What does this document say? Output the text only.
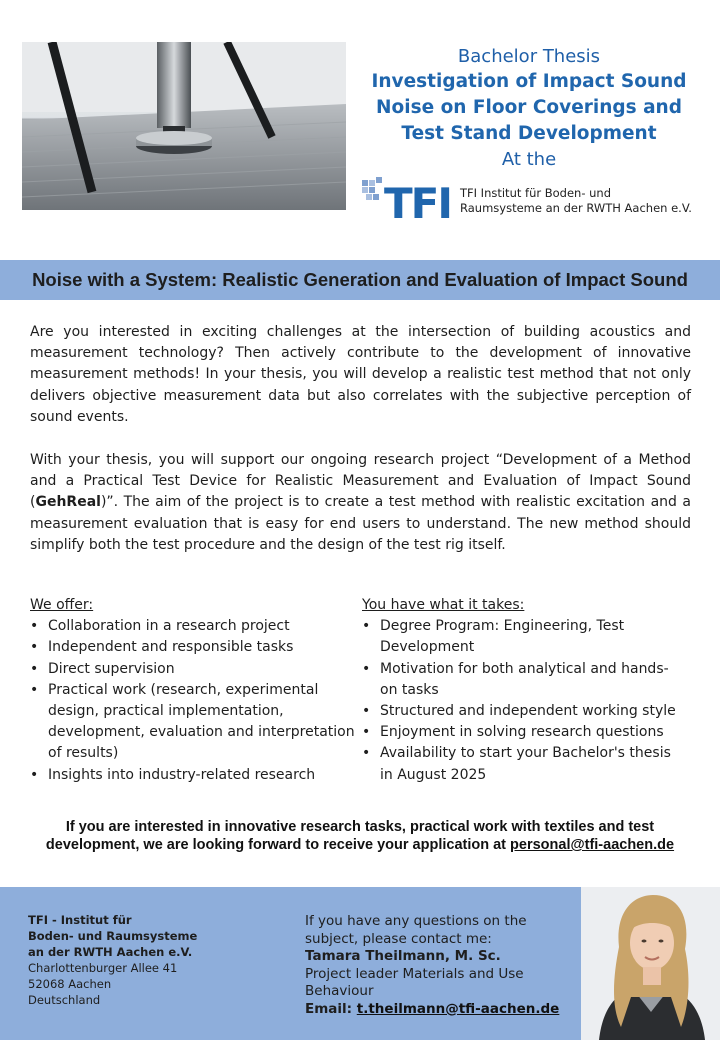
Bachelor Thesis
Investigation of Impact Sound
Noise on Floor Coverings and
Test Stand Development
At the
TFI TFI Institut für Boden- und
Raumsysteme an der RWTH Aachen e.V.
Noise with a System: Realistic Generation and Evaluation of Impact Sound

Are you interested in exciting challenges at the intersection of building acoustics and measurement technology? Then actively contribute to the development of innovative measurement methods! In your thesis, you will develop a realistic test method that not only delivers objective measurement data but also correlates with the subjective perception of sound events.

With your thesis, you will support our ongoing research project “Development of a Method and a Practical Test Device for Realistic Measurement and Evaluation of Impact Sound (GehReal)”. The aim of the project is to create a test method with realistic excitation and a measurement evaluation that is easy for end users to understand. The new method should simplify both the test procedure and the design of the test rig itself.

We offer:
• Collaboration in a research project
• Independent and responsible tasks
• Direct supervision
• Practical work (research, experimental design, practical implementation, development, evaluation and interpretation of results)
• Insights into industry-related research
You have what it takes:
• Degree Program: Engineering, Test Development
• Motivation for both analytical and hands-on tasks
• Structured and independent working style
• Enjoyment in solving research questions
• Availability to start your Bachelor's thesis in August 2025
If you are interested in innovative research tasks, practical work with textiles and test
development, we are looking forward to receive your application at personal@tfi-aachen.de
TFI - Institut für
Boden- und Raumsysteme
an der RWTH Aachen e.V.
Charlottenburger Allee 41
52068 Aachen
Deutschland
If you have any questions on the subject, please contact me:
Tamara Theilmann, M. Sc.
Project leader Materials and Use Behaviour
Email: t.theilmann@tfi-aachen.de
